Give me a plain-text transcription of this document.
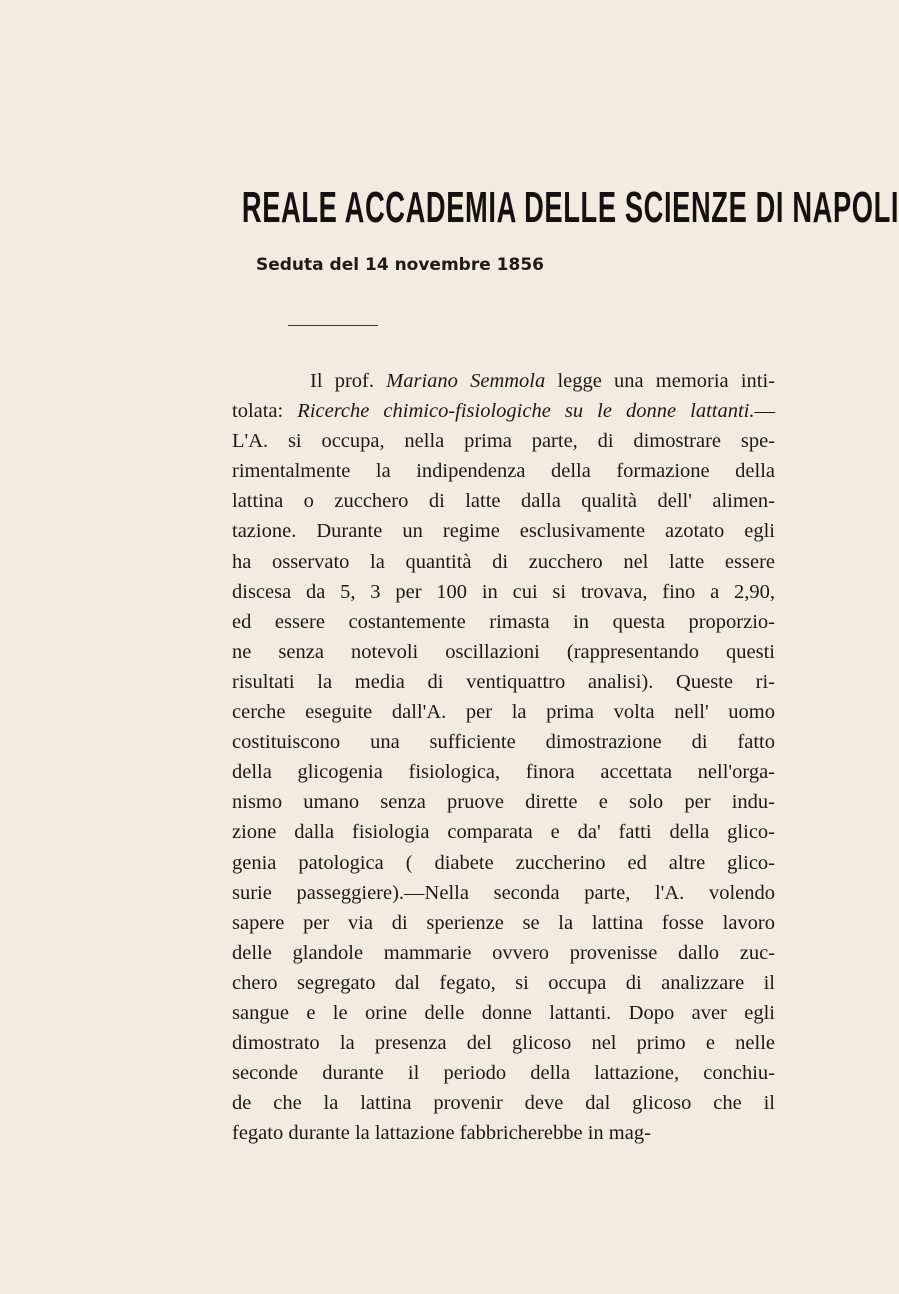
REALE ACCADEMIA DELLE SCIENZE DI NAPOLI
Seduta del 14 novembre 1856
Il prof. Mariano Semmola legge una memoria inti-
tolata: Ricerche chimico-fisiologiche su le donne lattanti.—
L'A. si occupa, nella prima parte, di dimostrare spe-
rimentalmente la indipendenza della formazione della
lattina o zucchero di latte dalla qualità dell' alimen-
tazione. Durante un regime esclusivamente azotato egli
ha osservato la quantità di zucchero nel latte essere
discesa da 5, 3 per 100 in cui si trovava, fino a 2,90,
ed essere costantemente rimasta in questa proporzio-
ne senza notevoli oscillazioni (rappresentando questi
risultati la media di ventiquattro analisi). Queste ri-
cerche eseguite dall'A. per la prima volta nell' uomo
costituiscono una sufficiente dimostrazione di fatto
della glicogenia fisiologica, finora accettata nell'orga-
nismo umano senza pruove dirette e solo per indu-
zione dalla fisiologia comparata e da' fatti della glico-
genia patologica ( diabete zuccherino ed altre glico-
surie passeggiere).—Nella seconda parte, l'A. volendo
sapere per via di sperienze se la lattina fosse lavoro
delle glandole mammarie ovvero provenisse dallo zuc-
chero segregato dal fegato, si occupa di analizzare il
sangue e le orine delle donne lattanti. Dopo aver egli
dimostrato la presenza del glicoso nel primo e nelle
seconde durante il periodo della lattazione, conchiu-
de che la lattina provenir deve dal glicoso che il
fegato durante la lattazione fabbricherebbe in mag-
